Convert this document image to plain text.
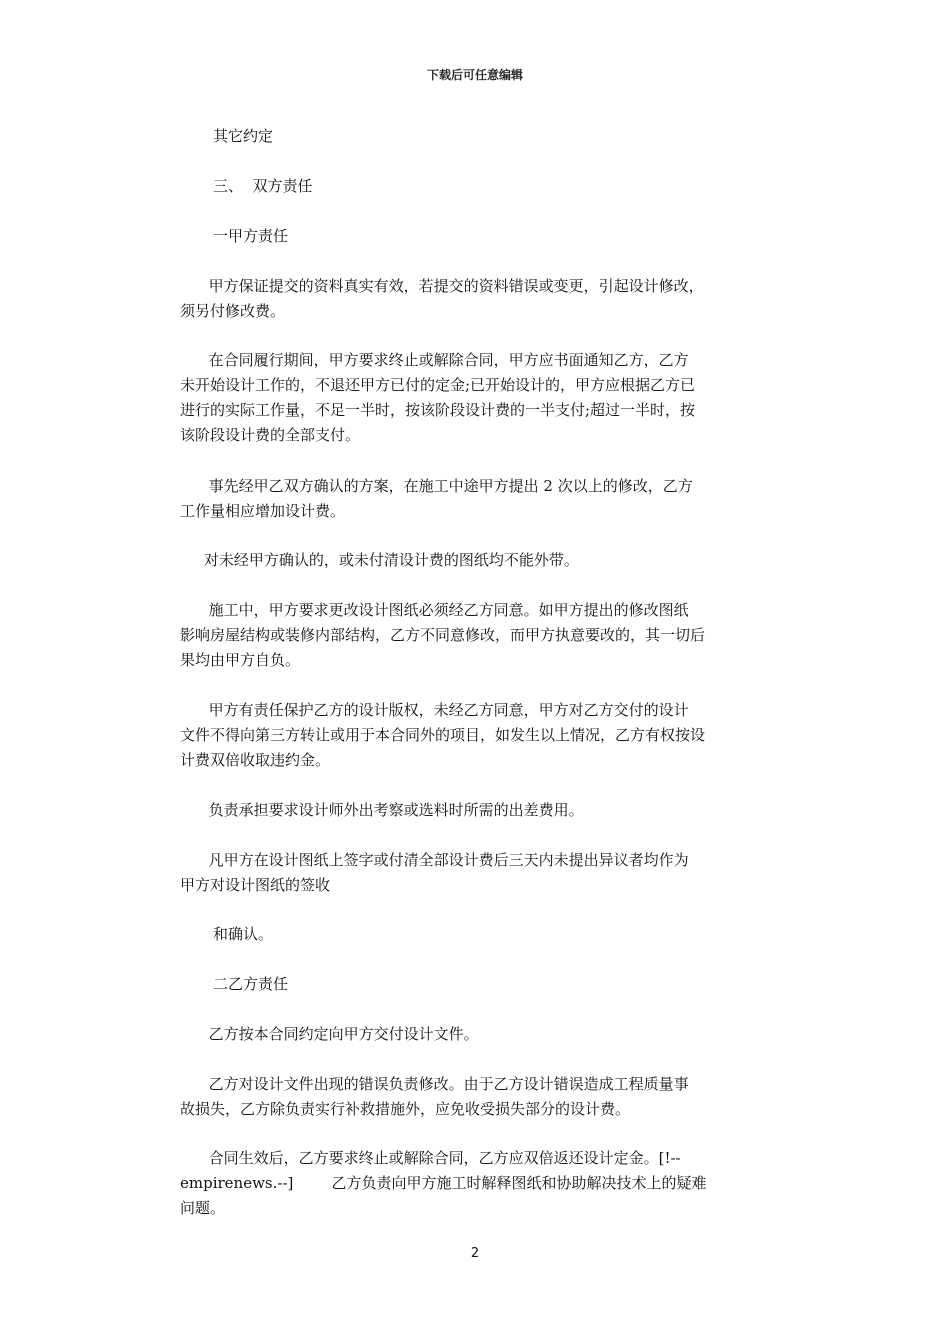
下载后可任意编辑
其它约定
三、  双方责任
一甲方责任
甲方保证提交的资料真实有效，若提交的资料错误或变更，引起设计修改，
须另付修改费。
在合同履行期间，甲方要求终止或解除合同，甲方应书面通知乙方，乙方
未开始设计工作的，不退还甲方已付的定金;已开始设计的，甲方应根据乙方已
进行的实际工作量，不足一半时，按该阶段设计费的一半支付;超过一半时，按
该阶段设计费的全部支付。
事先经甲乙双方确认的方案，在施工中途甲方提出 2 次以上的修改，乙方
工作量相应增加设计费。
对未经甲方确认的，或未付清设计费的图纸均不能外带。
施工中，甲方要求更改设计图纸必须经乙方同意。如甲方提出的修改图纸
影响房屋结构或装修内部结构，乙方不同意修改，而甲方执意要改的，其一切后
果均由甲方自负。
甲方有责任保护乙方的设计版权，未经乙方同意，甲方对乙方交付的设计
文件不得向第三方转让或用于本合同外的项目，如发生以上情况，乙方有权按设
计费双倍收取违约金。
负责承担要求设计师外出考察或选料时所需的出差费用。
凡甲方在设计图纸上签字或付清全部设计费后三天内未提出异议者均作为
甲方对设计图纸的签收
和确认。
二乙方责任
乙方按本合同约定向甲方交付设计文件。
乙方对设计文件出现的错误负责修改。由于乙方设计错误造成工程质量事
故损失，乙方除负责实行补救措施外，应免收受损失部分的设计费。
合同生效后，乙方要求终止或解除合同，乙方应双倍返还设计定金。[!--
empirenews.--]        乙方负责向甲方施工时解释图纸和协助解决技术上的疑难
问题。
2
